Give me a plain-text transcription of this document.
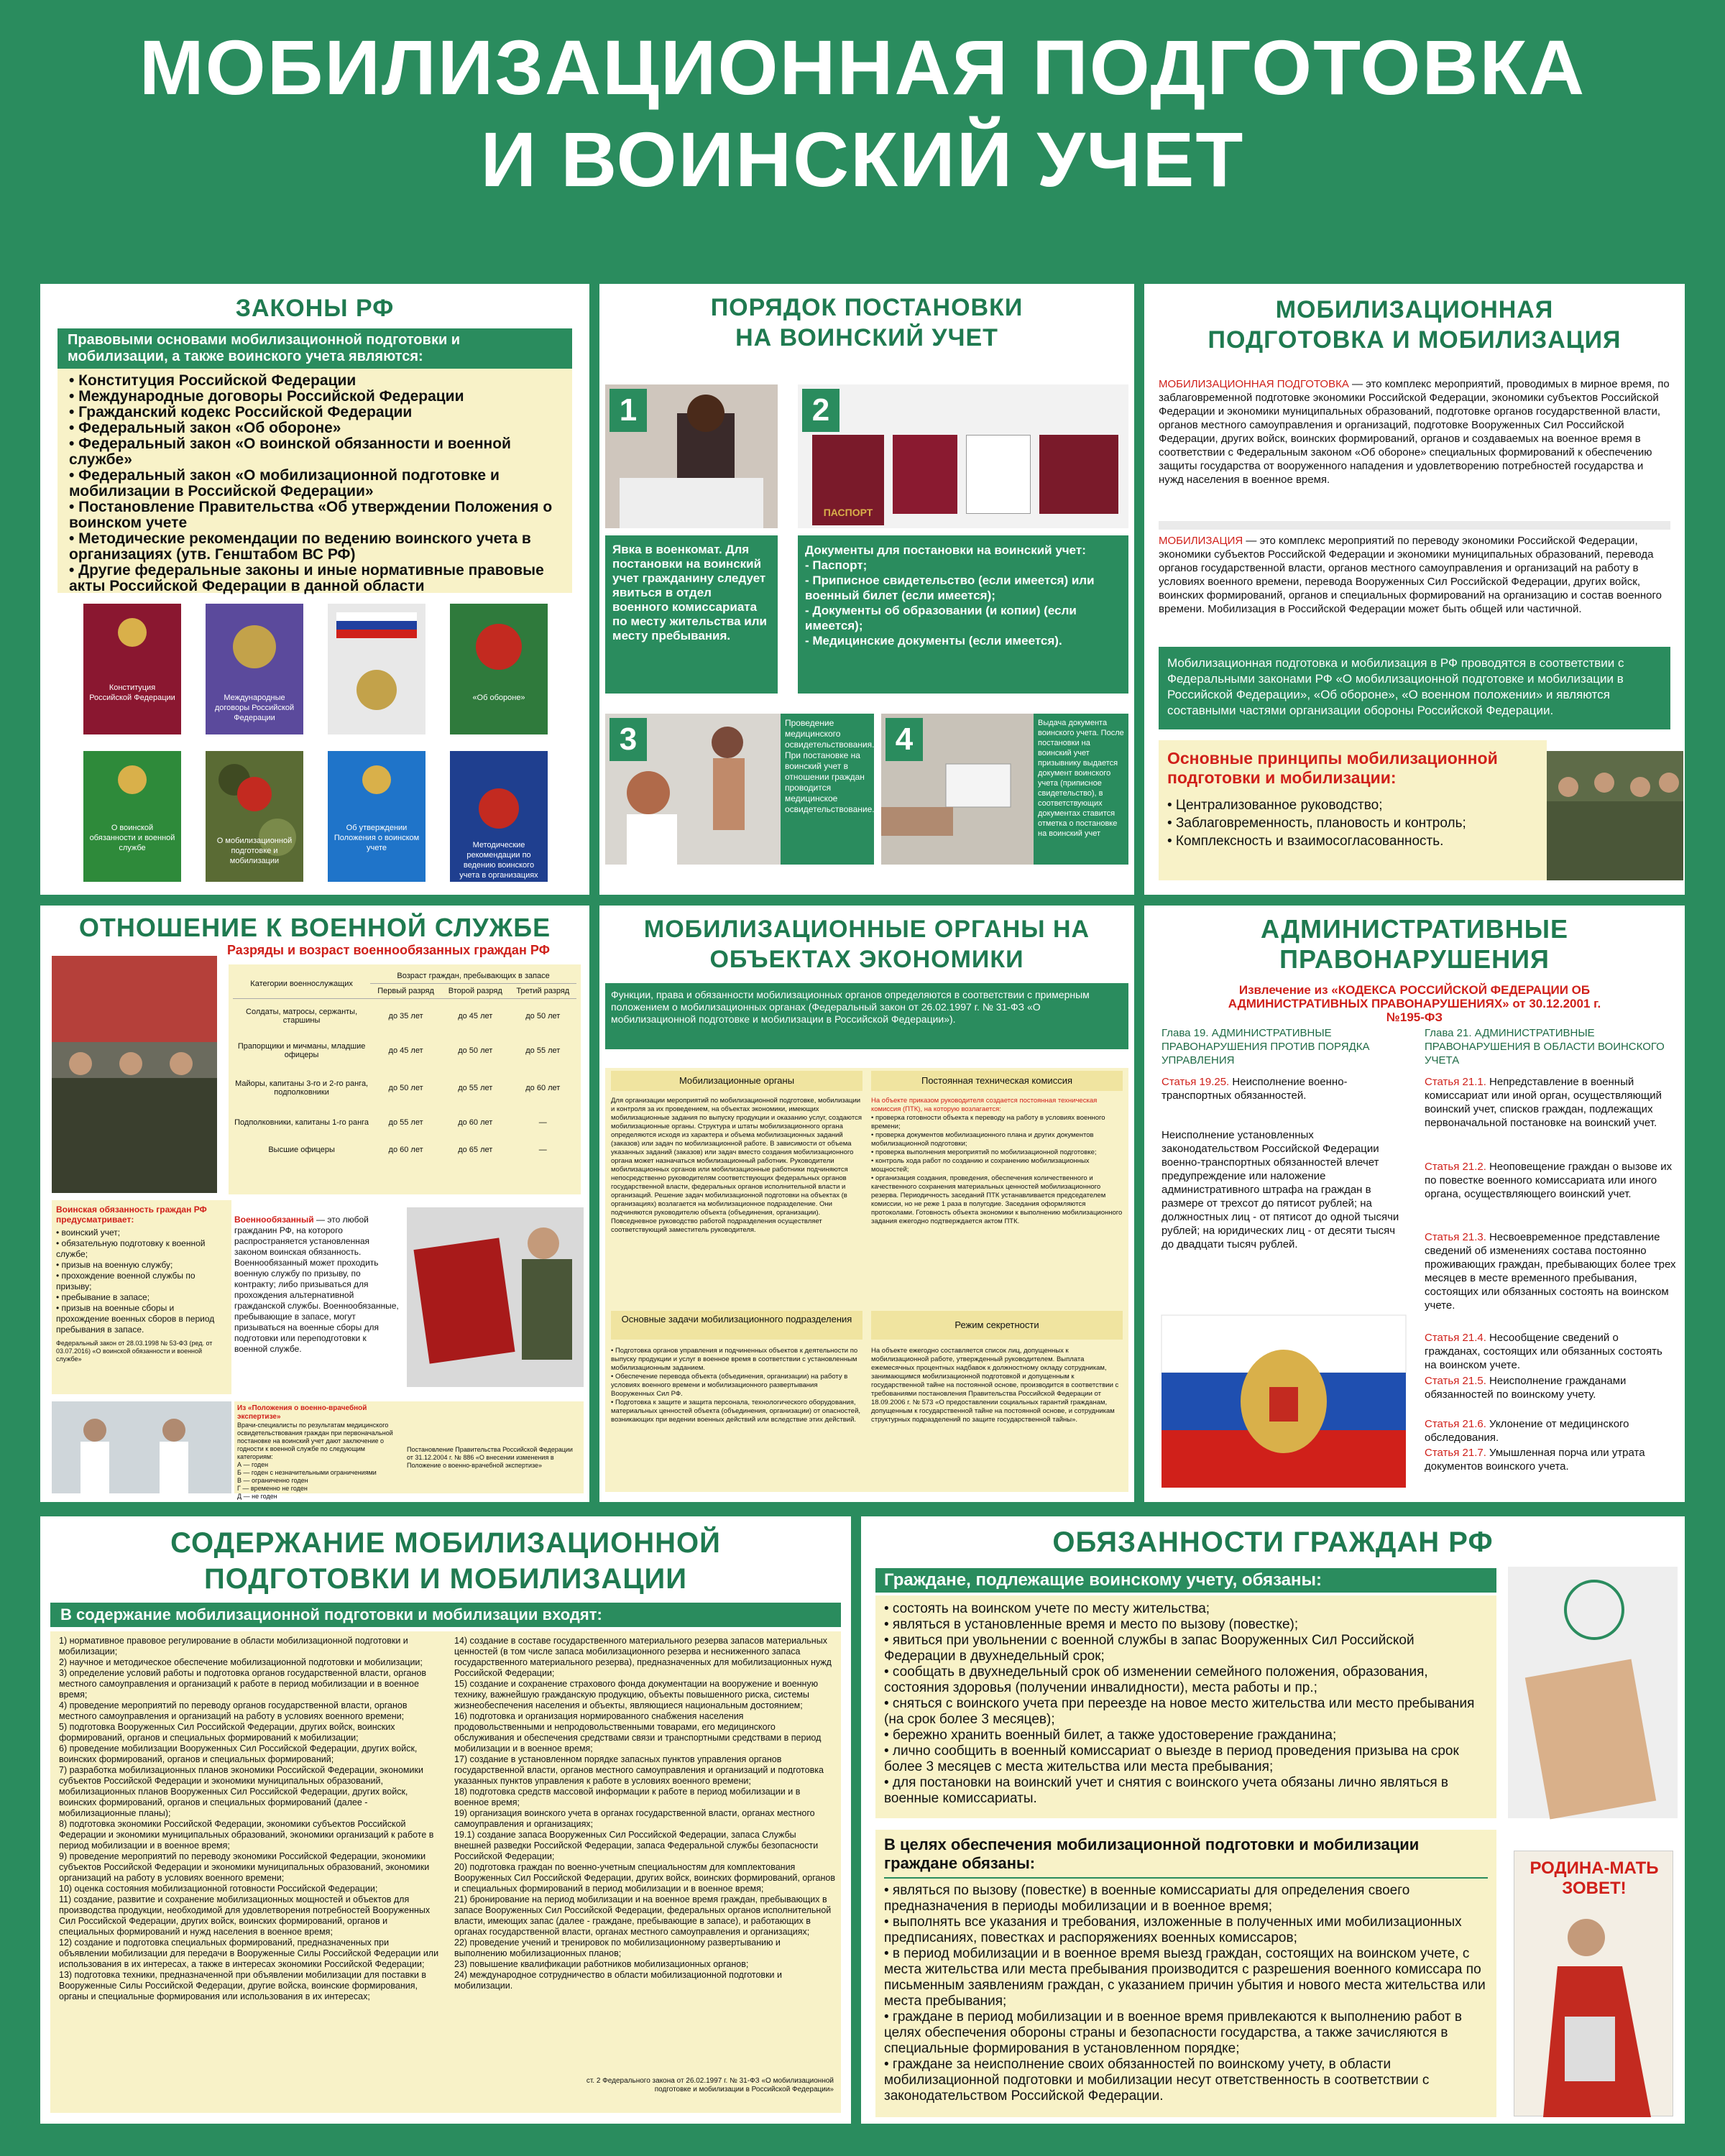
МОБИЛИЗАЦИОННАЯ ПОДГОТОВКА
И ВОИНСКИЙ УЧЕТ
ЗАКОНЫ РФ
Правовыми основами мобилизационной подготовки и мобилизации, а также воинского учета являются:
• Конституция Российской Федерации
• Международные договоры Российской Федерации
• Гражданский кодекс Российской Федерации
• Федеральный закон «Об обороне»
• Федеральный закон «О воинской обязанности и военной службе»
• Федеральный закон «О мобилизационной подготовке и мобилизации в Российской Федерации»
• Постановление Правительства «Об утверждении Положения о воинском учете
• Методические рекомендации по ведению воинского учета в организациях (утв. Генштабом ВС РФ)
• Другие федеральные законы и иные нормативные правовые акты Российской Федерации в данной области
Конституция Российской Федерации	Международные договоры Российской Федерации
«Об обороне»
О воинской обязанности и военной службе
О мобилизационной подготовке и мобилизации
Об утверждении Положения о воинском учете	Методические рекомендации по ведению воинского учета в организациях
ПОРЯДОК ПОСТАНОВКИ НА ВОИНСКИЙ УЧЕТ
1
Явка в военкомат. Для постановки на воинский учет гражданину следует явиться в отдел военного комиссариата по месту жительства или месту пребывания.
2
ПАСПОРТ
Документы для постановки на воинский учет:
- Паспорт;
- Приписное свидетельство (если имеется) или военный билет (если имеется);
- Документы об образовании (и копии) (если имеется);
- Медицинские документы (если имеется).
3	Проведение медицинского освидетельствования. При постановке на воинский учет в отношении граждан проводится медицинское освидетельствование.
4	Выдача документа воинского учета. После постановки на воинский учет призывнику выдается документ воинского учета (приписное свидетельство), в соответствующих документах ставится отметка о постановке на воинский учет
МОБИЛИЗАЦИОННАЯ ПОДГОТОВКА И МОБИЛИЗАЦИЯ
МОБИЛИЗАЦИОННАЯ ПОДГОТОВКА — это комплекс мероприятий, проводимых в мирное время, по заблаговременной подготовке экономики Российской Федерации, экономики субъектов Российской Федерации и экономики муниципальных образований, подготовке органов государственной власти, органов местного самоуправления и организаций, подготовке Вооруженных Сил Российской Федерации, других войск, воинских формирований, органов и создаваемых на военное время в соответствии с Федеральным законом «Об обороне» специальных формирований к обеспечению защиты государства от вооруженного нападения и удовлетворению потребностей государства и нужд населения в военное время.
МОБИЛИЗАЦИЯ — это комплекс мероприятий по переводу экономики Российской Федерации, экономики субъектов Российской Федерации и экономики муниципальных образований, перевода органов государственной власти, органов местного самоуправления и организаций на работу в условиях военного времени, перевода Вооруженных Сил Российской Федерации, других войск, воинских формирований, органов и специальных формирований на организацию и состав военного времени. Мобилизация в Российской Федерации может быть общей или частичной.
Мобилизационная подготовка и мобилизация в РФ проводятся в соответствии с Федеральными законами РФ «О мобилизационной подготовке и мобилизации в Российской Федерации», «Об обороне», «О военном положении» и являются составными частями организации обороны Российской Федерации.
Основные принципы мобилизационной подготовки и мобилизации:
• Централизованное руководство;
• Заблаговременность, плановость и контроль;
• Комплексность и взаимосогласованность.
ОТНОШЕНИЕ К ВОЕННОЙ СЛУЖБЕ
Разряды и возраст военнообязанных граждан РФ
Категории военнослужащих	Возраст граждан, пребывающих в запасе		
	Первый разряд	Второй разряд	Третий разряд
Солдаты, матросы, сержанты, старшины	до 35 лет	до 45 лет	до 50 лет
Прапорщики и мичманы, младшие офицеры	до 45 лет	до 50 лет	до 55 лет
Майоры, капитаны 3-го и 2-го ранга, подполковники	до 50 лет	до 55 лет	до 60 лет
Подполковники, капитаны 1-го ранга	до 55 лет	до 60 лет	—
Высшие офицеры	до 60 лет	до 65 лет	—
Воинская обязанность граждан РФ предусматривает:
• воинский учет;
• обязательную подготовку к военной службе;
• призыв на военную службу;
• прохождение военной службы по призыву;
• пребывание в запасе;
• призыв на военные сборы и прохождение военных сборов в период пребывания в запасе.
Федеральный закон от 28.03.1998 № 53-ФЗ (ред. от 03.07.2016) «О воинской обязанности и военной службе»
Военнообязанный — это любой гражданин РФ, на которого распространяется установленная законом воинская обязанность. Военнообязанный может проходить военную службу по призыву, по контракту; либо призываться для прохождения альтернативной гражданской службы. Военнообязанные, пребывающие в запасе, могут призываться на военные сборы для подготовки или переподготовки к военной службе.
Из «Положения о военно-врачебной экспертизе»
Врачи-специалисты по результатам медицинского освидетельствования граждан при первоначальной постановке на воинский учет дают заключение о годности к военной службе по следующим категориям:
А — годен
Б — годен с незначительными ограничениями
В — ограниченно годен
Г — временно не годен
Д — не годен
Постановление Правительства Российской Федерации от 31.12.2004 г. № 886 «О внесении изменения в Положение о военно-врачебной экспертизе»
МОБИЛИЗАЦИОННЫЕ ОРГАНЫ НА ОБЪЕКТАХ ЭКОНОМИКИ
Функции, права и обязанности мобилизационных органов определяются в соответствии с примерным положением о мобилизационных органах (Федеральный закон от 26.02.1997 г. № 31-ФЗ «О мобилизационной подготовке и мобилизации в Российской Федерации»).
Мобилизационные органы	Постоянная техническая комиссия
Для организации мероприятий по мобилизационной подготовке, мобилизации и контроля за их проведением, на объектах экономики, имеющих мобилизационные задания по выпуску продукции и оказанию услуг, создаются мобилизационные органы. Структура и штаты мобилизационного органа определяются исходя из характера и объема мобилизационных заданий (заказов) или задач по мобилизационной работе. В зависимости от объема указанных заданий (заказов) или задач вместо создания мобилизационного органа может назначаться мобилизационный работник. Руководители мобилизационных органов или мобилизационные работники подчиняются непосредственно руководителям соответствующих федеральных органов государственной власти, федеральных органов исполнительной власти и организаций. Решение задач мобилизационной подготовки на объектах (в организациях) возлагается на мобилизационное подразделение. Они подчиняются руководителю объекта (объединения, организации). Повседневное руководство работой подразделения осуществляет соответствующий заместитель руководителя.
На объекте приказом руководителя создается постоянная техническая комиссия (ПТК), на которую возлагается:
• проверка готовности объекта к переводу на работу в условиях военного времени;
• проверка документов мобилизационного плана и других документов мобилизационной подготовки;
• проверка выполнения мероприятий по мобилизационной подготовке;
• контроль хода работ по созданию и сохранению мобилизационных мощностей;
• организация создания, проведения, обеспечения количественного и качественного сохранения материальных ценностей мобилизационного резерва. Периодичность заседаний ПТК устанавливается председателем комиссии, но не реже 1 раза в полугодие. Заседания оформляются протоколами. Готовность объекта экономики к выполнению мобилизационного задания ежегодно подтверждается актом ПТК.
Основные задачи мобилизационного подразделения
Режим секретности
• Подготовка органов управления и подчиненных объектов к деятельности по выпуску продукции и услуг в военное время в соответствии с установленным мобилизационным заданием.
• Обеспечение перевода объекта (объединения, организации) на работу в условиях военного времени и мобилизационного развертывания Вооруженных Сил РФ.
• Подготовка к защите и защита персонала, технологического оборудования, материальных ценностей объекта (объединения, организации) от опасностей, возникающих при ведении военных действий или вследствие этих действий.
На объекте ежегодно составляется список лиц, допущенных к мобилизационной работе, утвержденный руководителем. Выплата ежемесячных процентных надбавок к должностному окладу сотрудникам, занимающимся мобилизационной подготовкой и допущенным к государственной тайне на постоянной основе, производится в соответствии с требованиями постановления Правительства Российской Федерации от 18.09.2006 г. № 573 «О предоставлении социальных гарантий гражданам, допущенным к государственной тайне на постоянной основе, и сотрудникам структурных подразделений по защите государственной тайны».
АДМИНИСТРАТИВНЫЕ ПРАВОНАРУШЕНИЯ
Извлечение из «КОДЕКСА РОССИЙСКОЙ ФЕДЕРАЦИИ ОБ АДМИНИСТРАТИВНЫХ ПРАВОНАРУШЕНИЯХ» от 30.12.2001 г. №195-ФЗ
Глава 19. АДМИНИСТРАТИВНЫЕ ПРАВОНАРУШЕНИЯ ПРОТИВ ПОРЯДКА УПРАВЛЕНИЯ
Глава 21. АДМИНИСТРАТИВНЫЕ ПРАВОНАРУШЕНИЯ В ОБЛАСТИ ВОИНСКОГО УЧЕТА
Статья 19.25. Неисполнение военно-транспортных обязанностей.
Неисполнение установленных законодательством Российской Федерации военно-транспортных обязанностей влечет предупреждение или наложение административного штрафа на граждан в размере от трехсот до пятисот рублей; на должностных лиц - от пятисот до одной тысячи рублей; на юридических лиц - от десяти тысяч до двадцати тысяч рублей.
Статья 21.1. Непредставление в военный комиссариат или иной орган, осуществляющий воинский учет, списков граждан, подлежащих первоначальной постановке на воинский учет.
Статья 21.2. Неоповещение граждан о вызове их по повестке военного комиссариата или иного органа, осуществляющего воинский учет.
Статья 21.3. Несвоевременное представление сведений об изменениях состава постоянно проживающих граждан, пребывающих более трех месяцев в месте временного пребывания, состоящих или обязанных состоять на воинском учете.
Статья 21.4. Несообщение сведений о гражданах, состоящих или обязанных состоять на воинском учете.
Статья 21.5. Неисполнение гражданами обязанностей по воинскому учету.
Статья 21.6. Уклонение от медицинского обследования.
Статья 21.7. Умышленная порча или утрата документов воинского учета.
СОДЕРЖАНИЕ МОБИЛИЗАЦИОННОЙ ПОДГОТОВКИ И МОБИЛИЗАЦИИ
В содержание мобилизационной подготовки и мобилизации входят:
1) нормативное правовое регулирование в области мобилизационной подготовки и мобилизации;
2) научное и методическое обеспечение мобилизационной подготовки и мобилизации;
3) определение условий работы и подготовка органов государственной власти, органов местного самоуправления и организаций к работе в период мобилизации и в военное время;
4) проведение мероприятий по переводу органов государственной власти, органов местного самоуправления и организаций на работу в условиях военного времени;
5) подготовка Вооруженных Сил Российской Федерации, других войск, воинских формирований, органов и специальных формирований к мобилизации;
6) проведение мобилизации Вооруженных Сил Российской Федерации, других войск, воинских формирований, органов и специальных формирований;
7) разработка мобилизационных планов экономики Российской Федерации, экономики субъектов Российской Федерации и экономики муниципальных образований, мобилизационных планов Вооруженных Сил Российской Федерации, других войск, воинских формирований, органов и специальных формирований (далее - мобилизационные планы);
8) подготовка экономики Российской Федерации, экономики субъектов Российской Федерации и экономики муниципальных образований, экономики организаций к работе в период мобилизации и в военное время;
9) проведение мероприятий по переводу экономики Российской Федерации, экономики субъектов Российской Федерации и экономики муниципальных образований, экономики организаций на работу в условиях военного времени;
10) оценка состояния мобилизационной готовности Российской Федерации;
11) создание, развитие и сохранение мобилизационных мощностей и объектов для производства продукции, необходимой для удовлетворения потребностей Вооруженных Сил Российской Федерации, других войск, воинских формирований, органов и специальных формирований и нужд населения в военное время;
12) создание и подготовка специальных формирований, предназначенных при объявлении мобилизации для передачи в Вооруженные Силы Российской Федерации или использования в их интересах, а также в интересах экономики Российской Федерации;
13) подготовка техники, предназначенной при объявлении мобилизации для поставки в Вооруженные Силы Российской Федерации, другие войска, воинские формирования, органы и специальные формирования или использования в их интересах;
14) создание в составе государственного материального резерва запасов материальных ценностей (в том числе запаса мобилизационного резерва и несниженного запаса государственного материального резерва), предназначенных для мобилизационных нужд Российской Федерации;
15) создание и сохранение страхового фонда документации на вооружение и военную технику, важнейшую гражданскую продукцию, объекты повышенного риска, системы жизнеобеспечения населения и объекты, являющиеся национальным достоянием;
16) подготовка и организация нормированного снабжения населения продовольственными и непродовольственными товарами, его медицинского обслуживания и обеспечения средствами связи и транспортными средствами в период мобилизации и в военное время;
17) создание в установленном порядке запасных пунктов управления органов государственной власти, органов местного самоуправления и организаций и подготовка указанных пунктов управления к работе в условиях военного времени;
18) подготовка средств массовой информации к работе в период мобилизации и в военное время;
19) организация воинского учета в органах государственной власти, органах местного самоуправления и организациях;
19.1) создание запаса Вооруженных Сил Российской Федерации, запаса Службы внешней разведки Российской Федерации, запаса Федеральной службы безопасности Российской Федерации;
20) подготовка граждан по военно-учетным специальностям для комплектования Вооруженных Сил Российской Федерации, других войск, воинских формирований, органов и специальных формирований в период мобилизации и в военное время;
21) бронирование на период мобилизации и на военное время граждан, пребывающих в запасе Вооруженных Сил Российской Федерации, федеральных органов исполнительной власти, имеющих запас (далее - граждане, пребывающие в запасе), и работающих в органах государственной власти, органах местного самоуправления и организациях;
22) проведение учений и тренировок по мобилизационному развертыванию и выполнению мобилизационных планов;
23) повышение квалификации работников мобилизационных органов;
24) международное сотрудничество в области мобилизационной подготовки и мобилизации.
ст. 2 Федерального закона от 26.02.1997 г. № 31-ФЗ «О мобилизационной подготовке и мобилизации в Российской Федерации»
ОБЯЗАННОСТИ ГРАЖДАН РФ
Граждане, подлежащие воинскому учету, обязаны:
• состоять на воинском учете по месту жительства;
• являться в установленные время и место по вызову (повестке);
• явиться при увольнении с военной службы в запас Вооруженных Сил Российской Федерации в двухнедельный срок;
• сообщать в двухнедельный срок об изменении семейного положения, образования, состояния здоровья (получении инвалидности), места работы и пр.;
• сняться с воинского учета при переезде на новое место жительства или место пребывания (на срок более 3 месяцев);
• бережно хранить военный билет, а также удостоверение гражданина;
• лично сообщить в военный комиссариат о выезде в период проведения призыва на срок более 3 месяцев с места жительства или места пребывания;
• для постановки на воинский учет и снятия с воинского учета обязаны лично являться в военные комиссариаты.
В целях обеспечения мобилизационной подготовки и мобилизации граждане обязаны:
• являться по вызову (повестке) в военные комиссариаты для определения своего предназначения в периоды мобилизации и в военное время;
• выполнять все указания и требования, изложенные в полученных ими мобилизационных предписаниях, повестках и распоряжениях военных комиссаров;
• в период мобилизации и в военное время выезд граждан, состоящих на воинском учете, с места жительства или места пребывания производится с разрешения военного комиссара по письменным заявлениям граждан, с указанием причин убытия и нового места жительства или места пребывания;
• граждане в период мобилизации и в военное время привлекаются к выполнению работ в целях обеспечения обороны страны и безопасности государства, а также зачисляются в специальные формирования в установленном порядке;
• граждане за неисполнение своих обязанностей по воинскому учету, в области мобилизационной подготовки и мобилизации несут ответственность в соответствии с законодательством Российской Федерации.
РОДИНА-МАТЬ ЗОВЕТ!
